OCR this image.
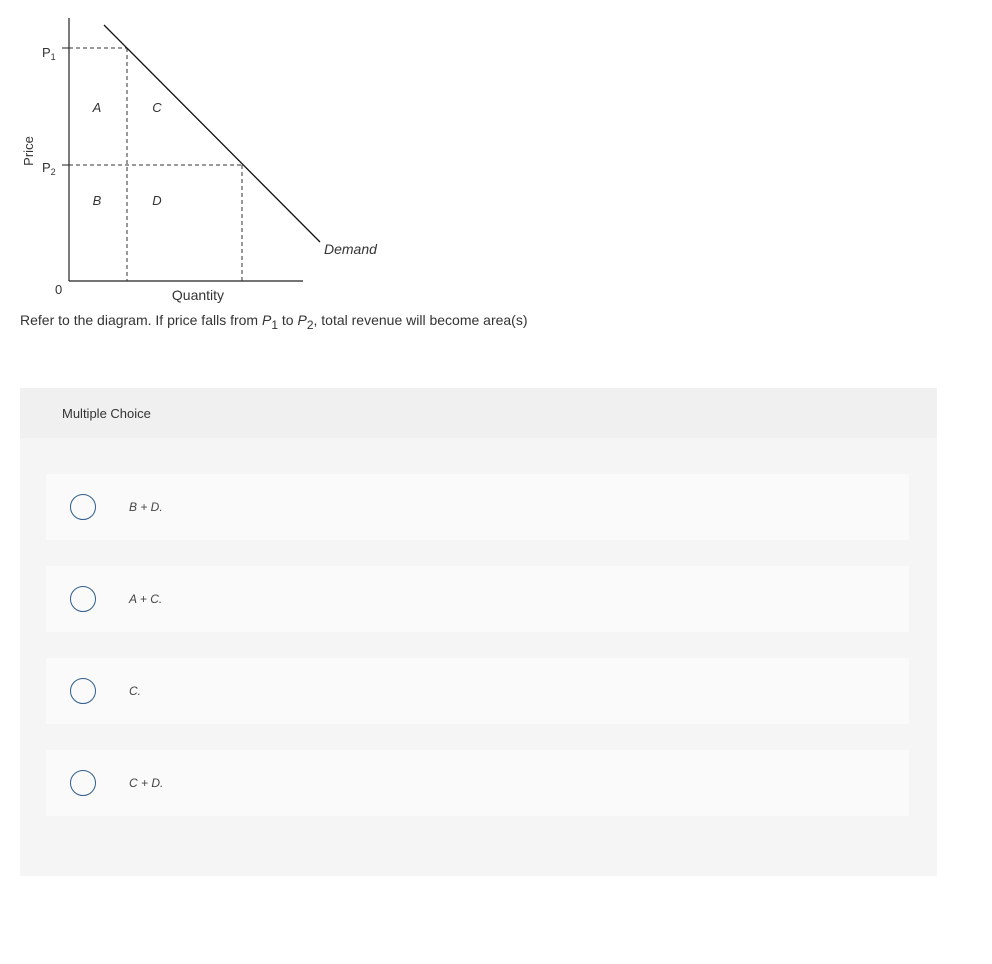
Price
$P_1$
$P_2$
0	Quantity
A	C
B	D
Demand
Refer to the diagram. If price falls from $P_1$ to $P_2$, total revenue will become area(s)
Multiple Choice
B + D.
A + C.
C.
C + D.
